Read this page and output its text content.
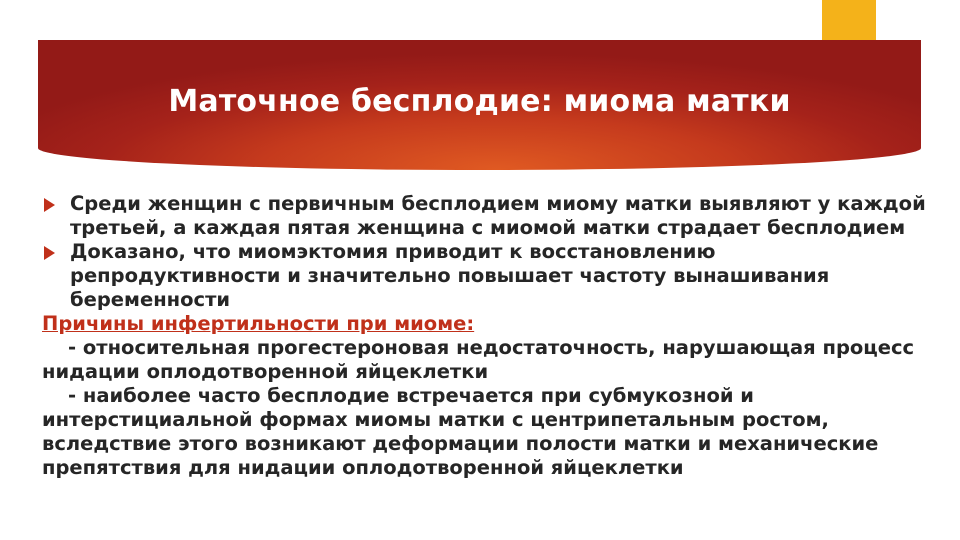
Маточное бесплодие: миома матки
Среди женщин с первичным бесплодием миому матки выявляют у каждой третьей, а каждая пятая женщина с миомой матки страдает бесплодием
Доказано, что миомэктомия приводит к восстановлению репродуктивности и значительно повышает частоту вынашивания беременности
Причины инфертильности при миоме:
- относительная прогестероновая недостаточность, нарушающая процесс нидации оплодотворенной яйцеклетки
- наиболее часто бесплодие встречается при субмукозной и интерстициальной формах миомы матки с центрипетальным ростом, вследствие этого возникают деформации полости матки и механические препятствия для нидации оплодотворенной яйцеклетки
